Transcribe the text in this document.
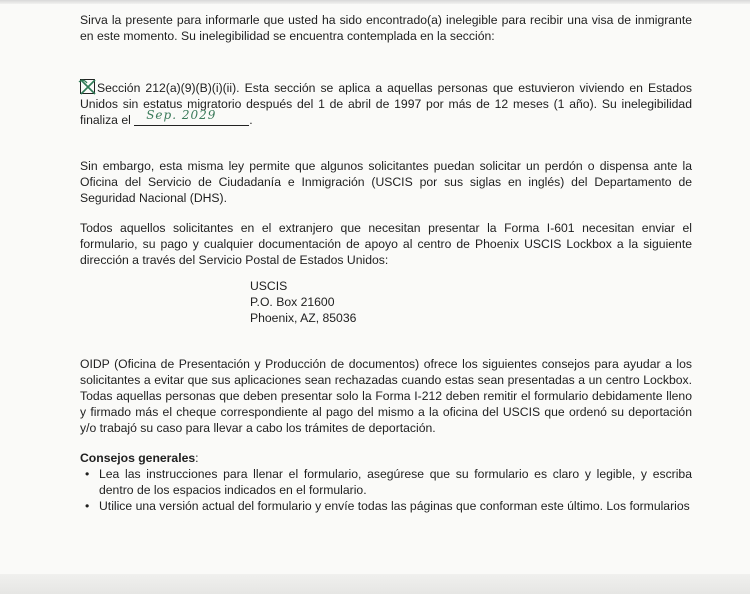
Sirva la presente para informarle que usted ha sido encontrado(a) inelegible para recibir una visa de inmigrante en este momento. Su inelegibilidad se encuentra contemplada en la sección:

Sección 212(a)(9)(B)(i)(ii). Esta sección se aplica a aquellas personas que estuvieron viviendo en Estados Unidos sin estatus migratorio después del 1 de abril de 1997 por más de 12 meses (1 año). Su inelegibilidad finaliza el Sep. 2029	.

Sin embargo, esta misma ley permite que algunos solicitantes puedan solicitar un perdón o dispensa ante la Oficina del Servicio de Ciudadanía e Inmigración (USCIS por sus siglas en inglés) del Departamento de Seguridad Nacional (DHS).

Todos aquellos solicitantes en el extranjero que necesitan presentar la Forma I-601 necesitan enviar el formulario, su pago y cualquier documentación de apoyo al centro de Phoenix USCIS Lockbox a la siguiente dirección a través del Servicio Postal de Estados Unidos:

USCIS
P.O. Box 21600
Phoenix, AZ, 85036

OIDP (Oficina de Presentación y Producción de documentos) ofrece los siguientes consejos para ayudar a los solicitantes a evitar que sus aplicaciones sean rechazadas cuando estas sean presentadas a un centro Lockbox. Todas aquellas personas que deben presentar solo la Forma I-212 deben remitir el formulario debidamente lleno y firmado más el cheque correspondiente al pago del mismo a la oficina del USCIS que ordenó su deportación y/o trabajó su caso para llevar a cabo los trámites de deportación.

Consejos generales:
• Lea las instrucciones para llenar el formulario, asegúrese que su formulario es claro y legible, y escriba dentro de los espacios indicados en el formulario.
• Utilice una versión actual del formulario y envíe todas las páginas que conforman este último. Los formularios
